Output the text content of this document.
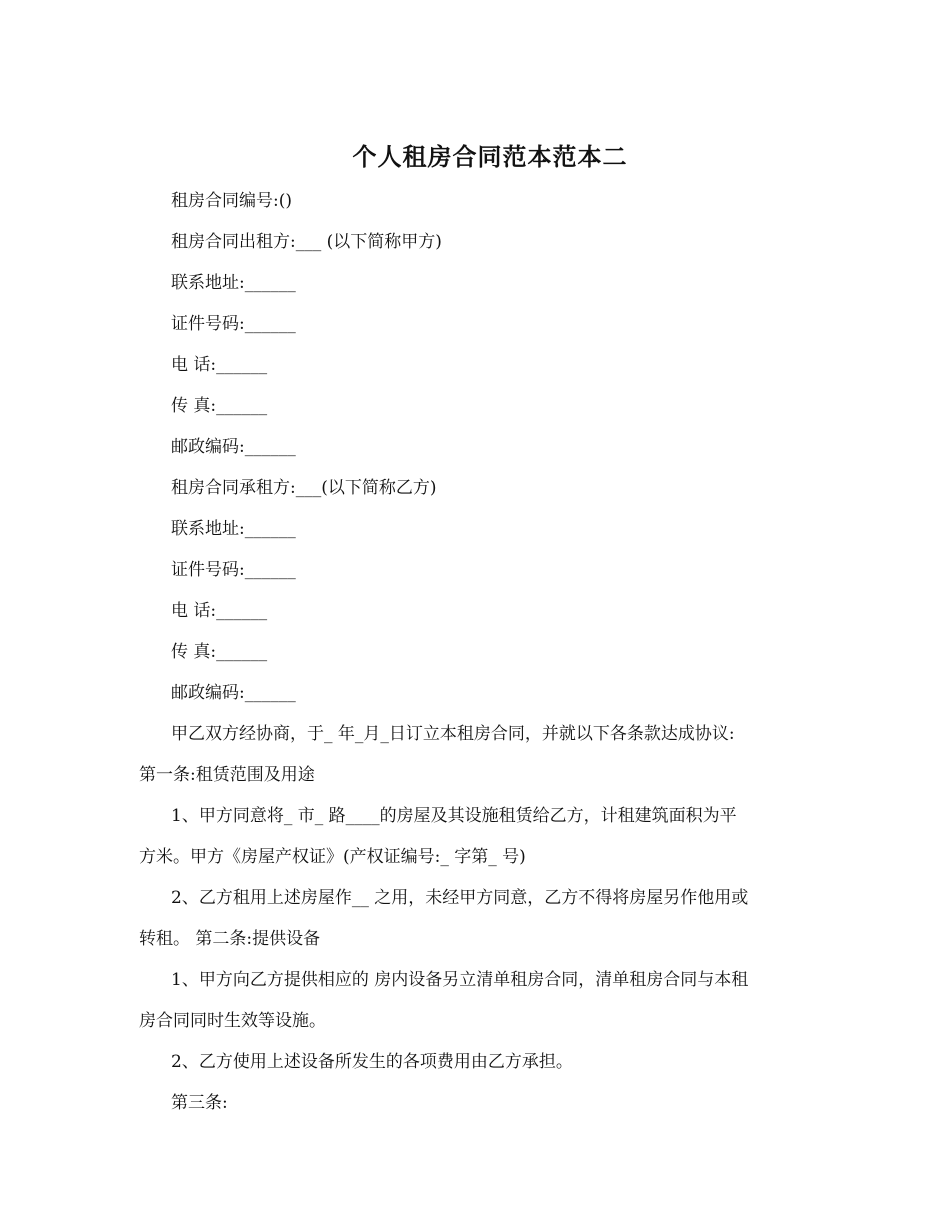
个人租房合同范本范本二
租房合同编号:()
租房合同出租方:___ (以下简称甲方)
联系地址:______
证件号码:______
电 话:______
传 真:______
邮政编码:______
租房合同承租方:___(以下简称乙方)
联系地址:______
证件号码:______
电 话:______
传 真:______
邮政编码:______
甲乙双方经协商，于_ 年_月_日订立本租房合同，并就以下各条款达成协议:
第一条:租赁范围及用途
1、甲方同意将_ 市_ 路____的房屋及其设施租赁给乙方，计租建筑面积为平
方米。甲方《房屋产权证》(产权证编号:_ 字第_ 号)
2、乙方租用上述房屋作__ 之用，未经甲方同意，乙方不得将房屋另作他用或
转租。 第二条:提供设备
1、甲方向乙方提供相应的 房内设备另立清单租房合同，清单租房合同与本租
房合同同时生效等设施。
2、乙方使用上述设备所发生的各项费用由乙方承担。
第三条:
